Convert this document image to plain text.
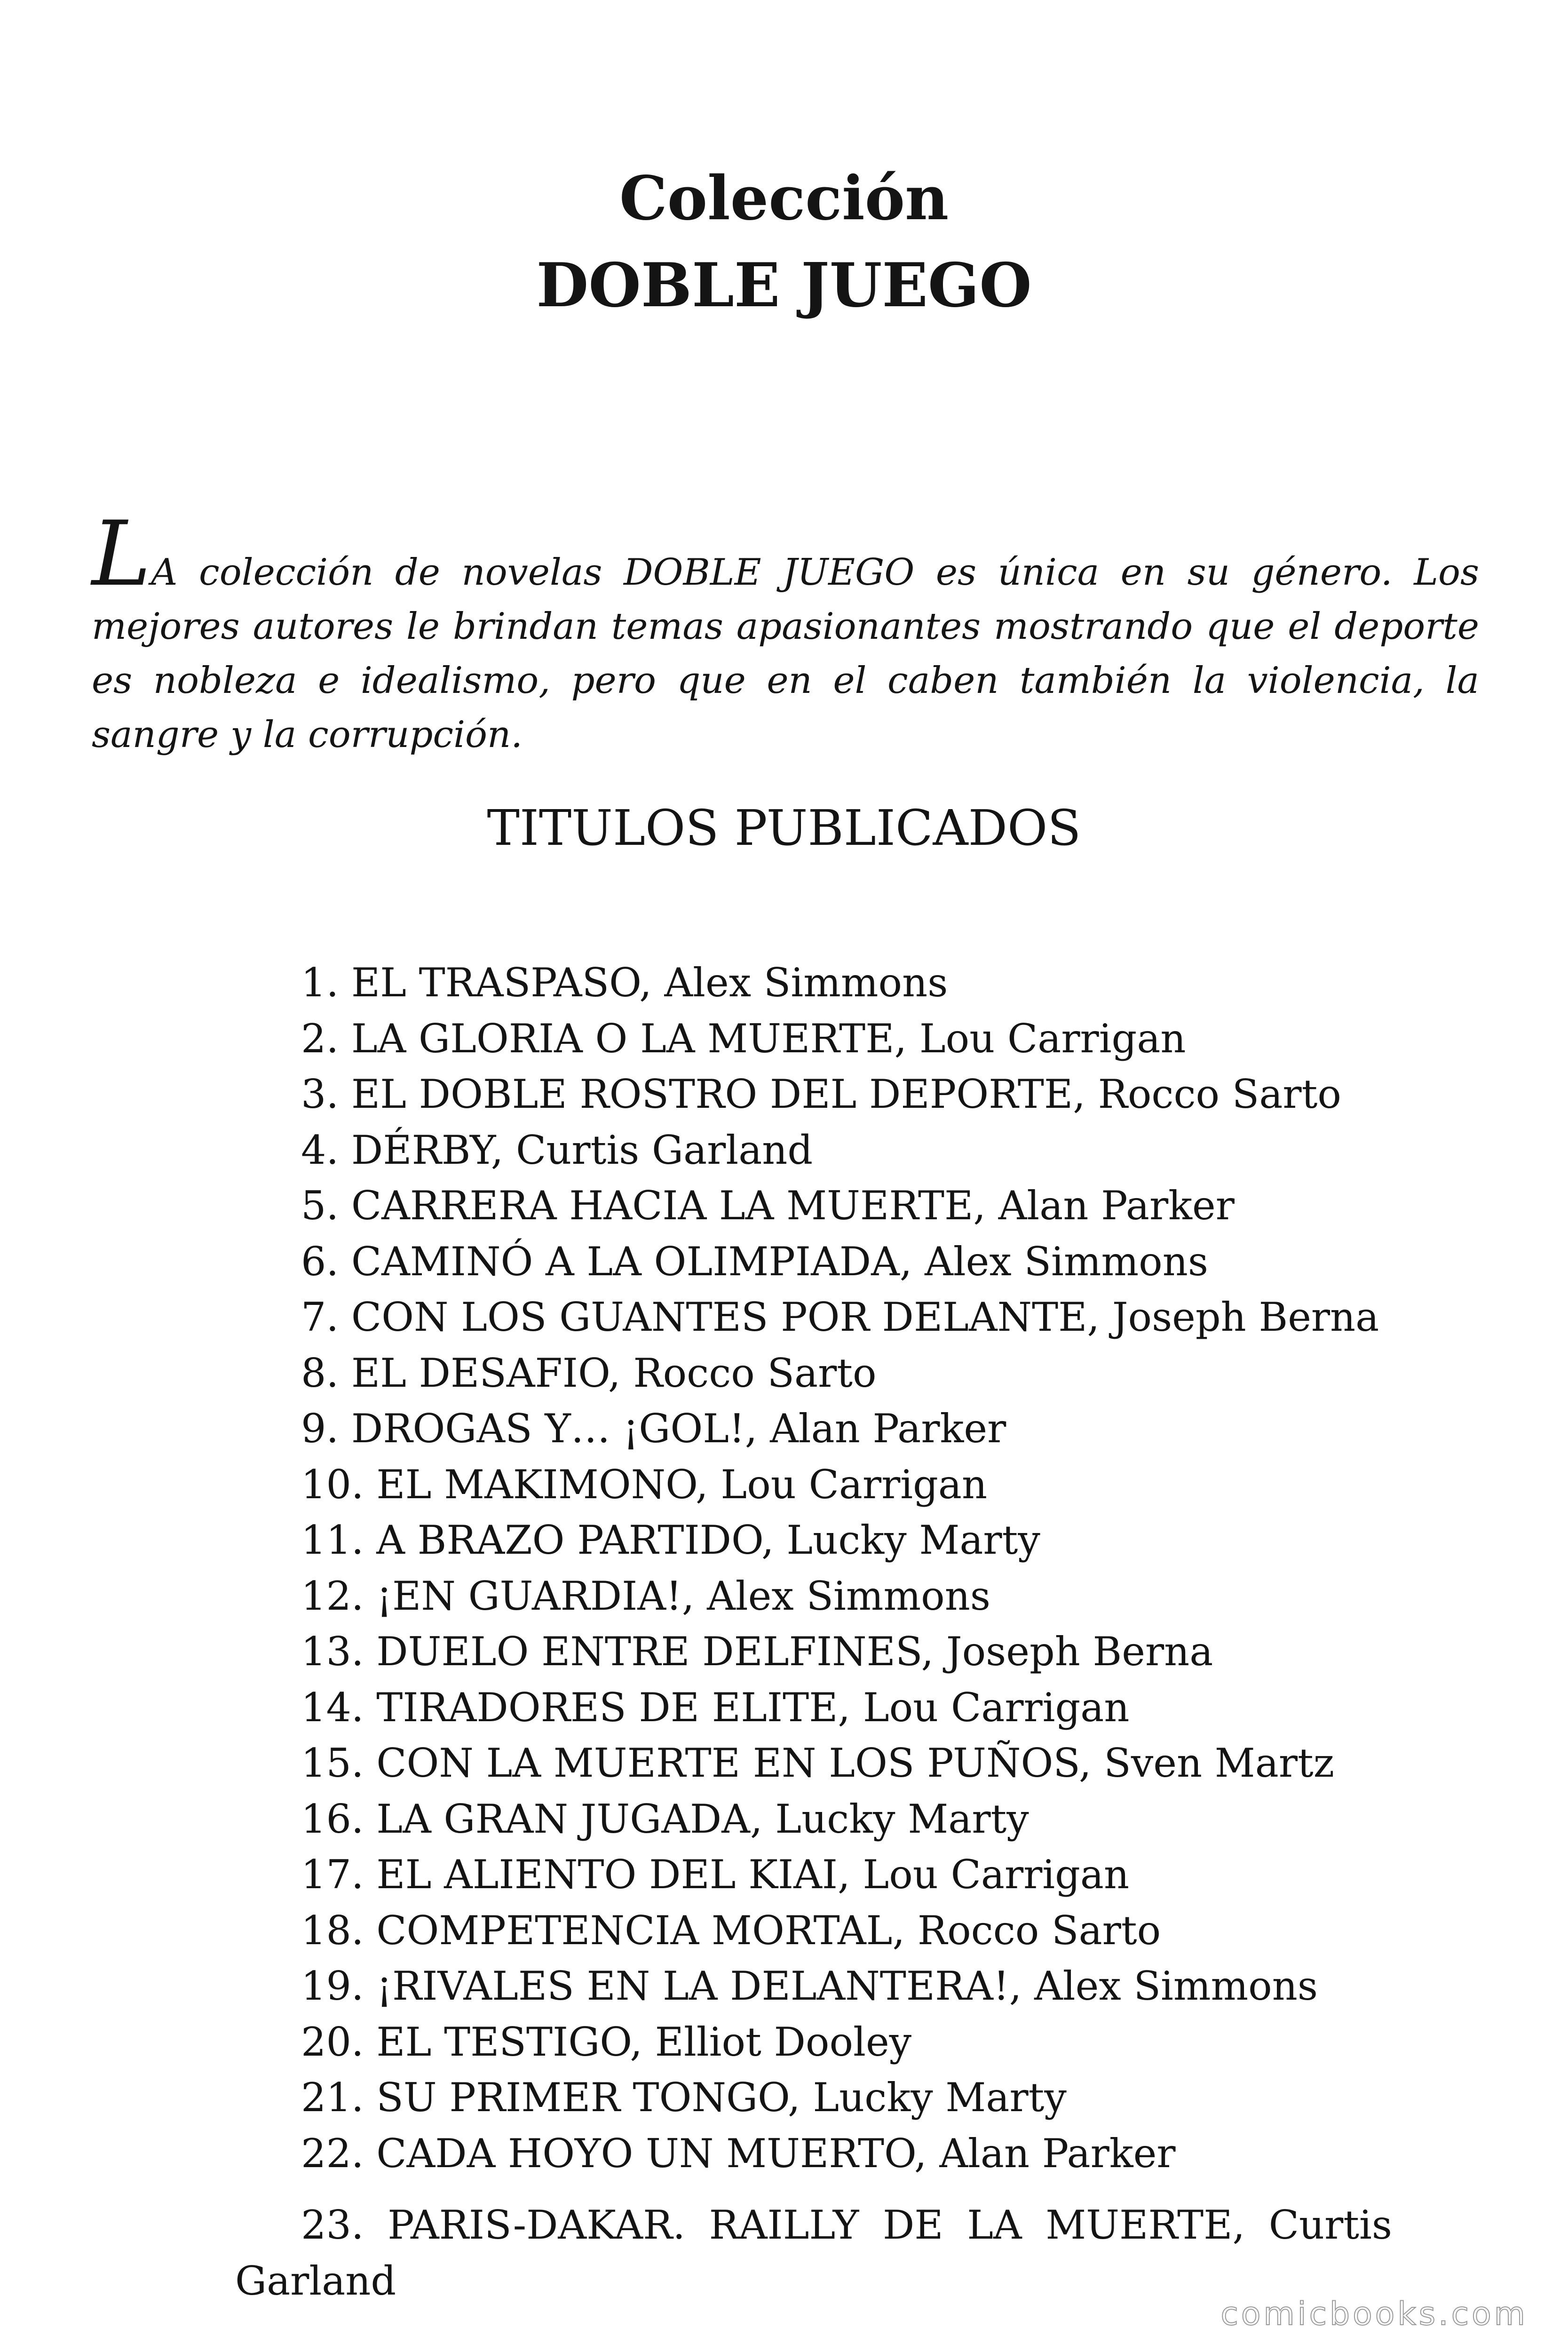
Colección
DOBLE JUEGO

LA colección de novelas DOBLE JUEGO es única en su género. Los mejores autores le brindan temas apasionantes mostrando que el deporte es nobleza e idealismo, pero que en el caben también la violencia, la sangre y la corrupción.

TITULOS PUBLICADOS
1. EL TRASPASO, Alex Simmons
2. LA GLORIA O LA MUERTE, Lou Carrigan
3. EL DOBLE ROSTRO DEL DEPORTE, Rocco Sarto
4. DÉRBY, Curtis Garland
5. CARRERA HACIA LA MUERTE, Alan Parker
6. CAMINÓ A LA OLIMPIADA, Alex Simmons
7. CON LOS GUANTES POR DELANTE, Joseph Berna
8. EL DESAFIO, Rocco Sarto
9. DROGAS Y… ¡GOL!, Alan Parker
10. EL MAKIMONO, Lou Carrigan
11. A BRAZO PARTIDO, Lucky Marty
12. ¡EN GUARDIA!, Alex Simmons
13. DUELO ENTRE DELFINES, Joseph Berna
14. TIRADORES DE ELITE, Lou Carrigan
15. CON LA MUERTE EN LOS PUÑOS, Sven Martz
16. LA GRAN JUGADA, Lucky Marty
17. EL ALIENTO DEL KIAI, Lou Carrigan
18. COMPETENCIA MORTAL, Rocco Sarto
19. ¡RIVALES EN LA DELANTERA!, Alex Simmons
20. EL TESTIGO, Elliot Dooley
21. SU PRIMER TONGO, Lucky Marty
22. CADA HOYO UN MUERTO, Alan Parker
23. PARIS-DAKAR. RAILLY DE LA MUERTE, Curtis
Garland
comicbooks.com
